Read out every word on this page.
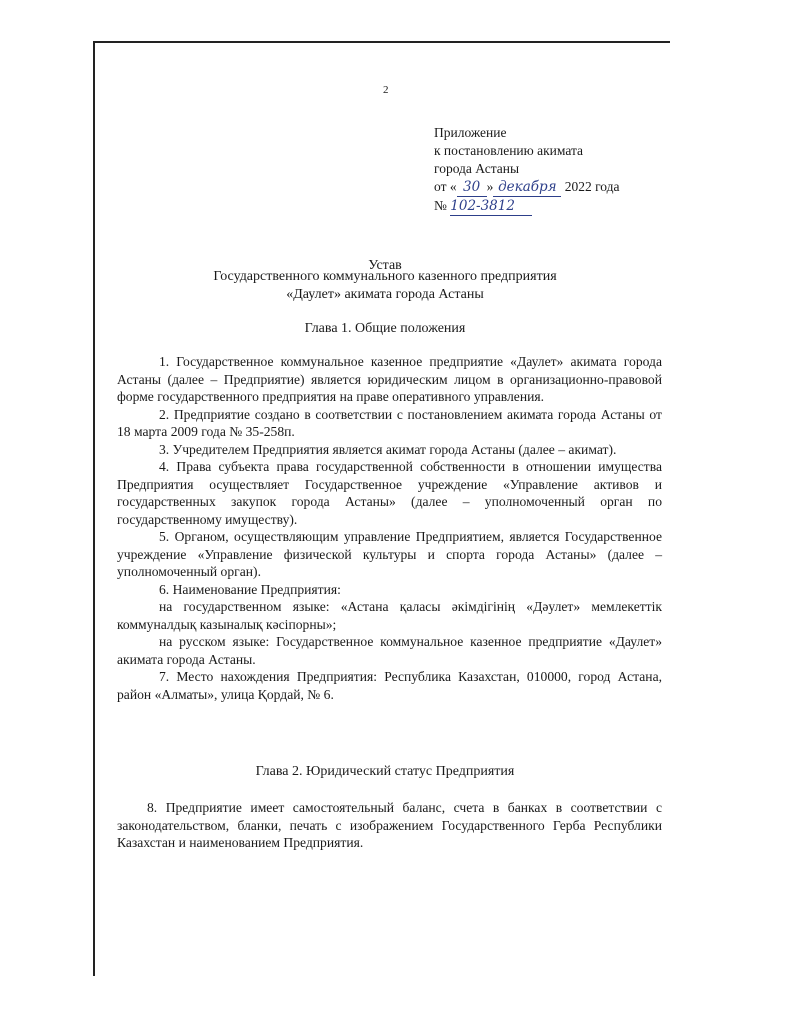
2
Приложение
к постановлению акимата
города Астаны
от « 30 » декабря 2022 года
№ 102-3812
Устав
Государственного коммунального казенного предприятия
«Даулет» акимата города Астаны
Глава 1. Общие положения

1. Государственное коммунальное казенное предприятие «Даулет» акимата города Астаны (далее – Предприятие) является юридическим лицом в организационно-правовой форме государственного предприятия на праве оперативного управления.

2. Предприятие создано в соответствии с постановлением акимата города Астаны от 18 марта 2009 года № 35-258п.

3. Учредителем Предприятия является акимат города Астаны (далее – акимат).

4. Права субъекта права государственной собственности в отношении имущества Предприятия осуществляет Государственное учреждение «Управление активов и государственных закупок города Астаны» (далее – уполномоченный орган по государственному имуществу).

5. Органом, осуществляющим управление Предприятием, является Государственное учреждение «Управление физической культуры и спорта города Астаны» (далее – уполномоченный орган).

6. Наименование Предприятия:

на государственном языке: «Астана қаласы әкімдігінің «Дәулет» мемлекеттік коммуналдық казыналық кәсіпорны»;

на русском языке: Государственное коммунальное казенное предприятие «Даулет» акимата города Астаны.

7. Место нахождения Предприятия: Республика Казахстан, 010000, город Астана, район «Алматы», улица Қордай, № 6.

Глава 2. Юридический статус Предприятия

8. Предприятие имеет самостоятельный баланс, счета в банках в соответствии с законодательством, бланки, печать с изображением Государственного Герба Республики Казахстан и наименованием Предприятия.
